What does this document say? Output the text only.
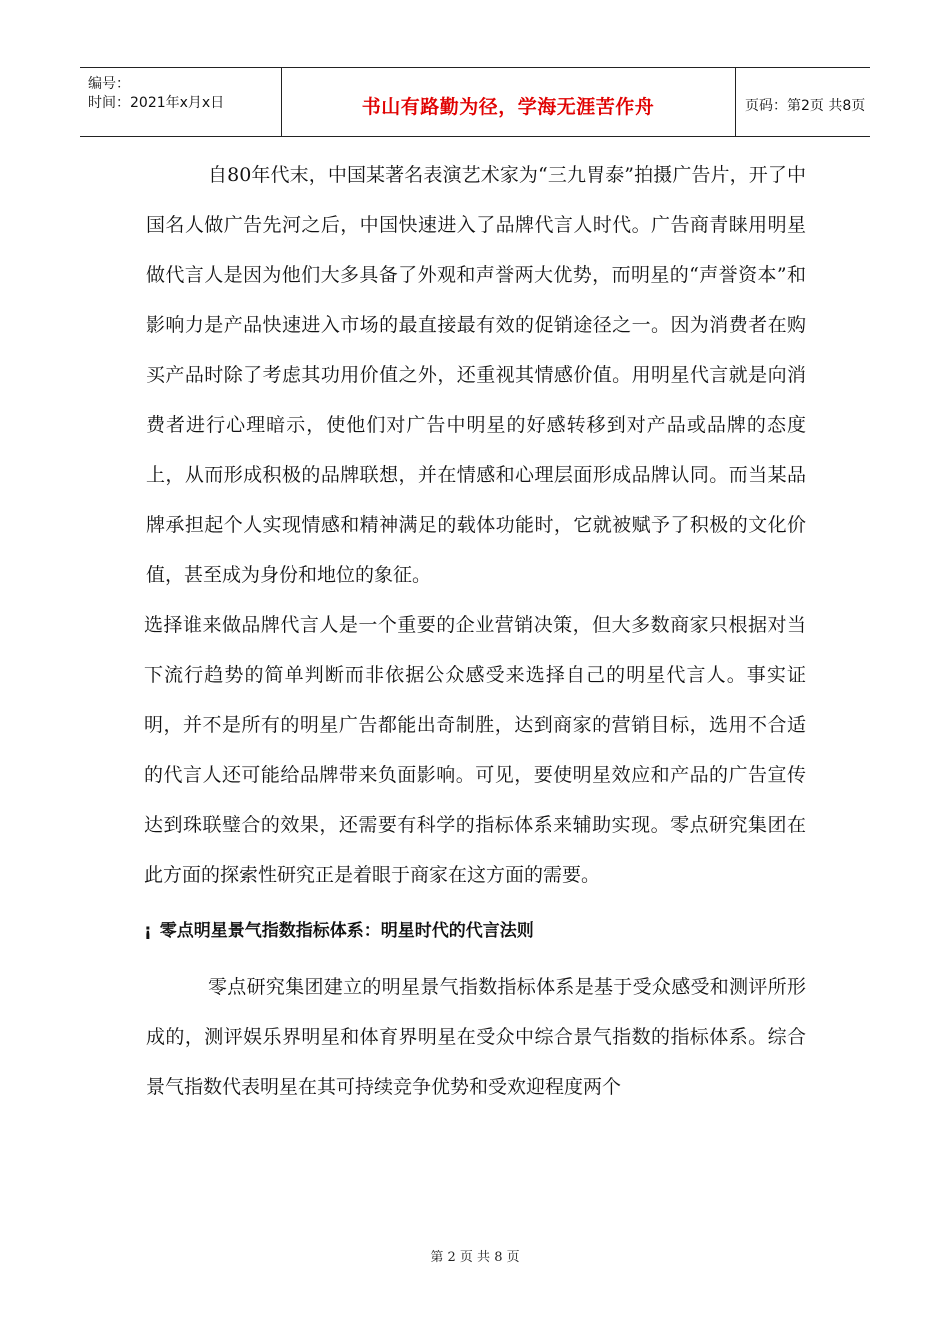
编号：
时间：2021年x月x日	书山有路勤为径，学海无涯苦作舟	页码：第2页 共8页

自80年代末，中国某著名表演艺术家为“三九胃泰”拍摄广告片，开了中国名人做广告先河之后，中国快速进入了品牌代言人时代。广告商青睐用明星做代言人是因为他们大多具备了外观和声誉两大优势，而明星的“声誉资本”和影响力是产品快速进入市场的最直接最有效的促销途径之一。因为消费者在购买产品时除了考虑其功用价值之外，还重视其情感价值。用明星代言就是向消费者进行心理暗示，使他们对广告中明星的好感转移到对产品或品牌的态度上，从而形成积极的品牌联想，并在情感和心理层面形成品牌认同。而当某品牌承担起个人实现情感和精神满足的载体功能时，它就被赋予了积极的文化价值，甚至成为身份和地位的象征。

选择谁来做品牌代言人是一个重要的企业营销决策，但大多数商家只根据对当下流行趋势的简单判断而非依据公众感受来选择自己的明星代言人。事实证明，并不是所有的明星广告都能出奇制胜，达到商家的营销目标，选用不合适的代言人还可能给品牌带来负面影响。可见，要使明星效应和产品的广告宣传达到珠联璧合的效果，还需要有科学的指标体系来辅助实现。零点研究集团在此方面的探索性研究正是着眼于商家在这方面的需要。

¡ 零点明星景气指数指标体系：明星时代的代言法则

零点研究集团建立的明星景气指数指标体系是基于受众感受和测评所形成的，测评娱乐界明星和体育界明星在受众中综合景气指数的指标体系。综合景气指数代表明星在其可持续竞争优势和受欢迎程度两个

第 2 页 共 8 页
